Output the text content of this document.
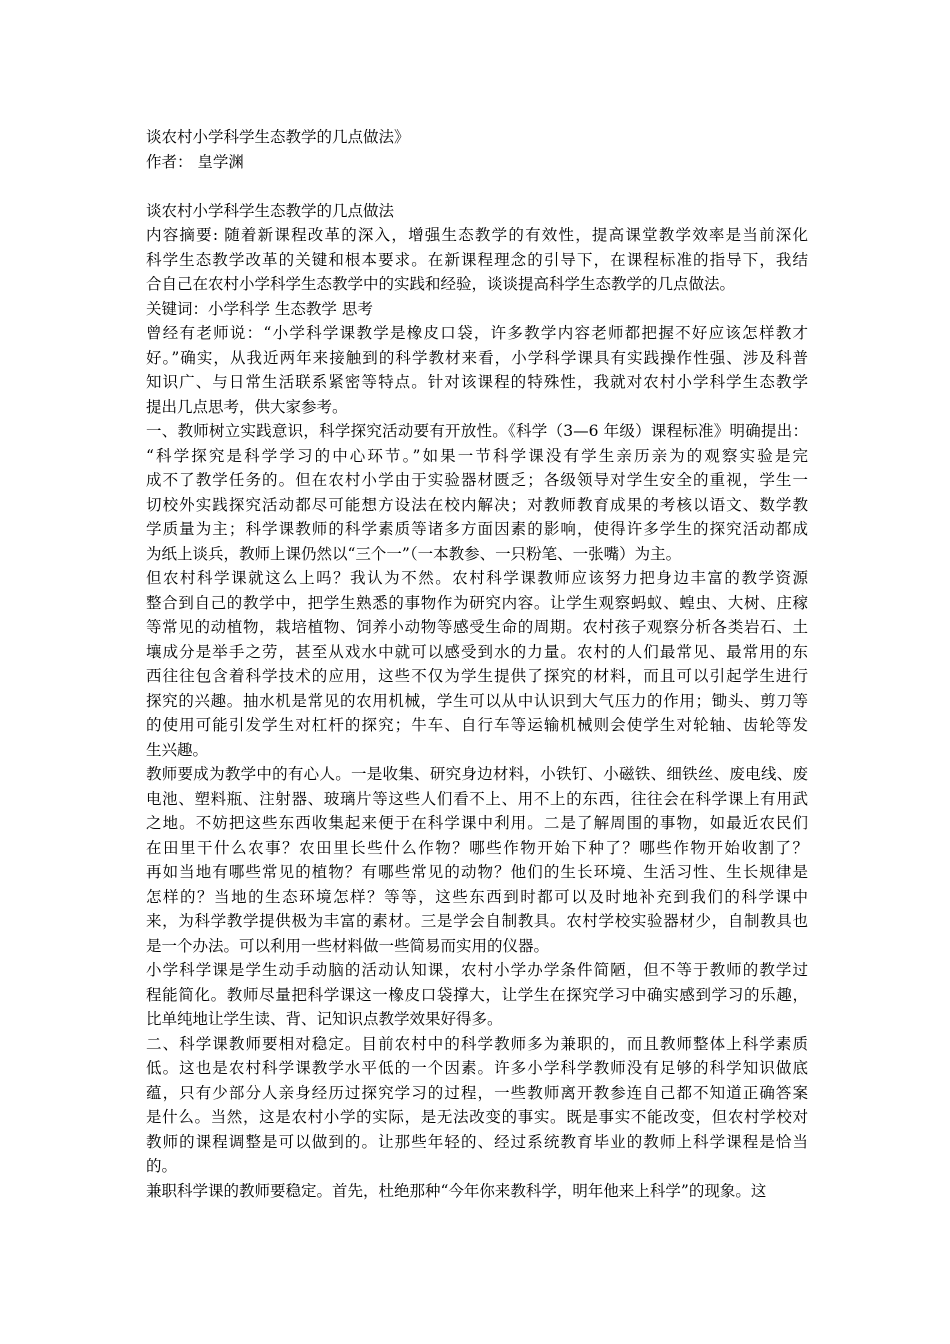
谈农村小学科学生态教学的几点做法》
作者： 皇学渊
谈农村小学科学生态教学的几点做法
内容摘要: 随着新课程改革的深入，增强生态教学的有效性，提高课堂教学效率是当前深化
科学生态教学改革的关键和根本要求。在新课程理念的引导下，在课程标准的指导下，我结
合自己在农村小学科学生态教学中的实践和经验，谈谈提高科学生态教学的几点做法。
关键词：小学科学 生态教学 思考
曾经有老师说：“小学科学课教学是橡皮口袋，许多教学内容老师都把握不好应该怎样教才
好。”确实，从我近两年来接触到的科学教材来看，小学科学课具有实践操作性强、涉及科普
知识广、与日常生活联系紧密等特点。针对该课程的特殊性，我就对农村小学科学生态教学
提出几点思考，供大家参考。
一、教师树立实践意识，科学探究活动要有开放性。《科学（3—6 年级）课程标准》明确提出：
“科学探究是科学学习的中心环节。”如果一节科学课没有学生亲历亲为的观察实验是完
成不了教学任务的。但在农村小学由于实验器材匮乏；各级领导对学生安全的重视，学生一
切校外实践探究活动都尽可能想方设法在校内解决；对教师教育成果的考核以语文、数学教
学质量为主；科学课教师的科学素质等诸多方面因素的影响，使得许多学生的探究活动都成
为纸上谈兵，教师上课仍然以“三个一”（一本教参、一只粉笔、一张嘴）为主。
但农村科学课就这么上吗？我认为不然。农村科学课教师应该努力把身边丰富的教学资源
整合到自己的教学中，把学生熟悉的事物作为研究内容。让学生观察蚂蚁、蝗虫、大树、庄稼
等常见的动植物，栽培植物、饲养小动物等感受生命的周期。农村孩子观察分析各类岩石、土
壤成分是举手之劳，甚至从戏水中就可以感受到水的力量。农村的人们最常见、最常用的东
西往往包含着科学技术的应用，这些不仅为学生提供了探究的材料，而且可以引起学生进行
探究的兴趣。抽水机是常见的农用机械，学生可以从中认识到大气压力的作用；锄头、剪刀等
的使用可能引发学生对杠杆的探究；牛车、自行车等运输机械则会使学生对轮轴、齿轮等发
生兴趣。
教师要成为教学中的有心人。一是收集、研究身边材料，小铁钉、小磁铁、细铁丝、废电线、废
电池、塑料瓶、注射器、玻璃片等这些人们看不上、用不上的东西，往往会在科学课上有用武
之地。不妨把这些东西收集起来便于在科学课中利用。二是了解周围的事物，如最近农民们
在田里干什么农事？农田里长些什么作物？哪些作物开始下种了？哪些作物开始收割了？
再如当地有哪些常见的植物？有哪些常见的动物？他们的生长环境、生活习性、生长规律是
怎样的？当地的生态环境怎样？等等，这些东西到时都可以及时地补充到我们的科学课中
来，为科学教学提供极为丰富的素材。三是学会自制教具。农村学校实验器材少，自制教具也
是一个办法。可以利用一些材料做一些简易而实用的仪器。
小学科学课是学生动手动脑的活动认知课，农村小学办学条件简陋，但不等于教师的教学过
程能简化。教师尽量把科学课这一橡皮口袋撑大，让学生在探究学习中确实感到学习的乐趣，
比单纯地让学生读、背、记知识点教学效果好得多。
二、科学课教师要相对稳定。目前农村中的科学教师多为兼职的，而且教师整体上科学素质
低。这也是农村科学课教学水平低的一个因素。许多小学科学教师没有足够的科学知识做底
蕴，只有少部分人亲身经历过探究学习的过程，一些教师离开教参连自己都不知道正确答案
是什么。当然，这是农村小学的实际，是无法改变的事实。既是事实不能改变，但农村学校对
教师的课程调整是可以做到的。让那些年轻的、经过系统教育毕业的教师上科学课程是恰当
的。
兼职科学课的教师要稳定。首先，杜绝那种“今年你来教科学，明年他来上科学”的现象。这
